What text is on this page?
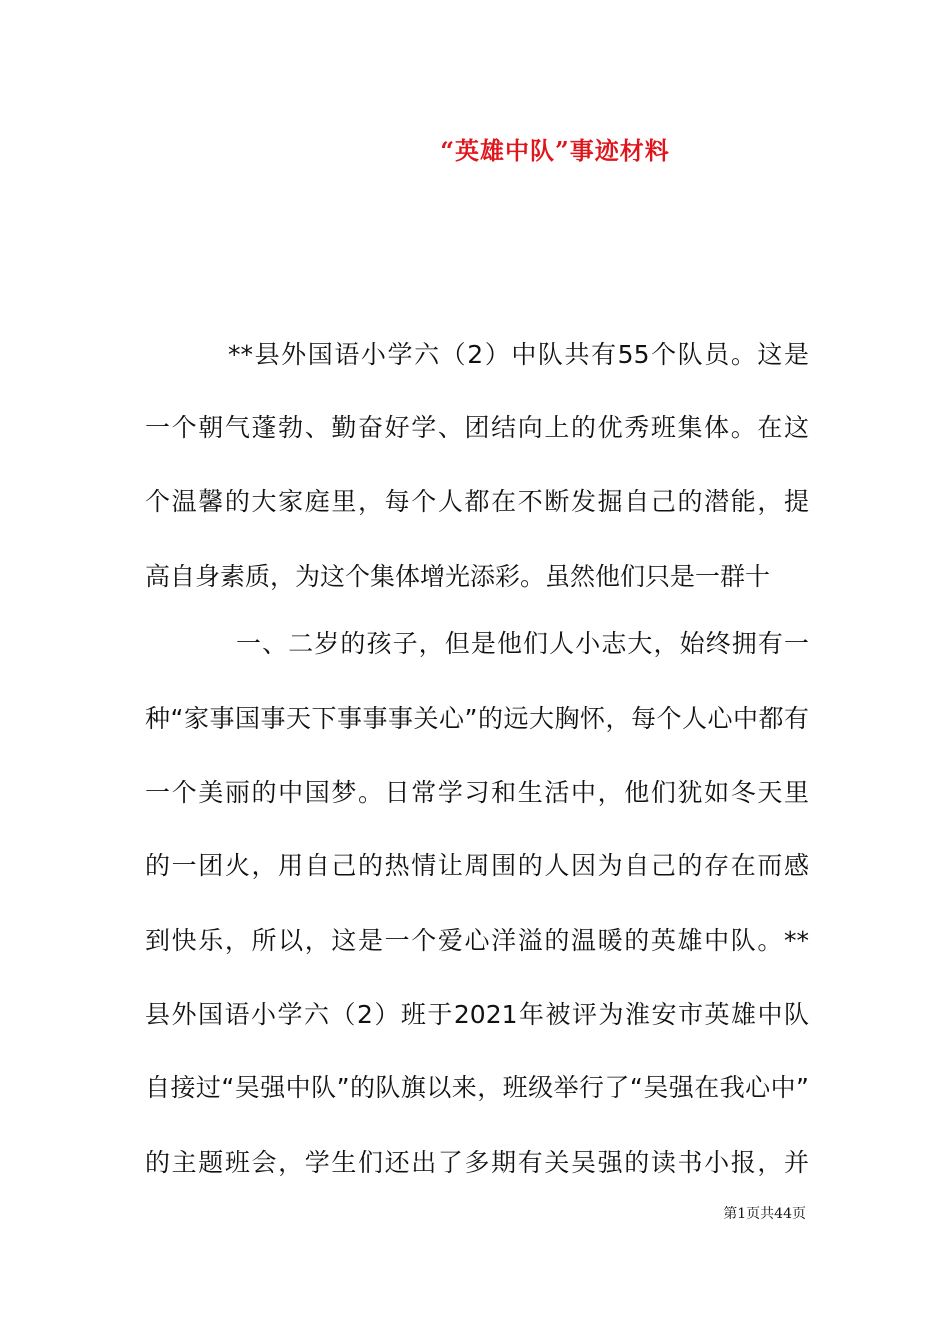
“英雄中队”事迹材料
**县外国语小学六（2）中队共有55个队员。这是
一个朝气蓬勃、勤奋好学、团结向上的优秀班集体。在这
个温馨的大家庭里，每个人都在不断发掘自己的潜能，提
高自身素质，为这个集体增光添彩。虽然他们只是一群十
一、二岁的孩子，但是他们人小志大，始终拥有一
种“家事国事天下事事事关心”的远大胸怀，每个人心中都有
一个美丽的中国梦。日常学习和生活中，他们犹如冬天里
的一团火，用自己的热情让周围的人因为自己的存在而感
到快乐，所以，这是一个爱心洋溢的温暖的英雄中队。**
县外国语小学六（2）班于2021年被评为淮安市英雄中队
自接过“吴强中队”的队旗以来，班级举行了“吴强在我心中”
的主题班会，学生们还出了多期有关吴强的读书小报，并
第1页共44页
